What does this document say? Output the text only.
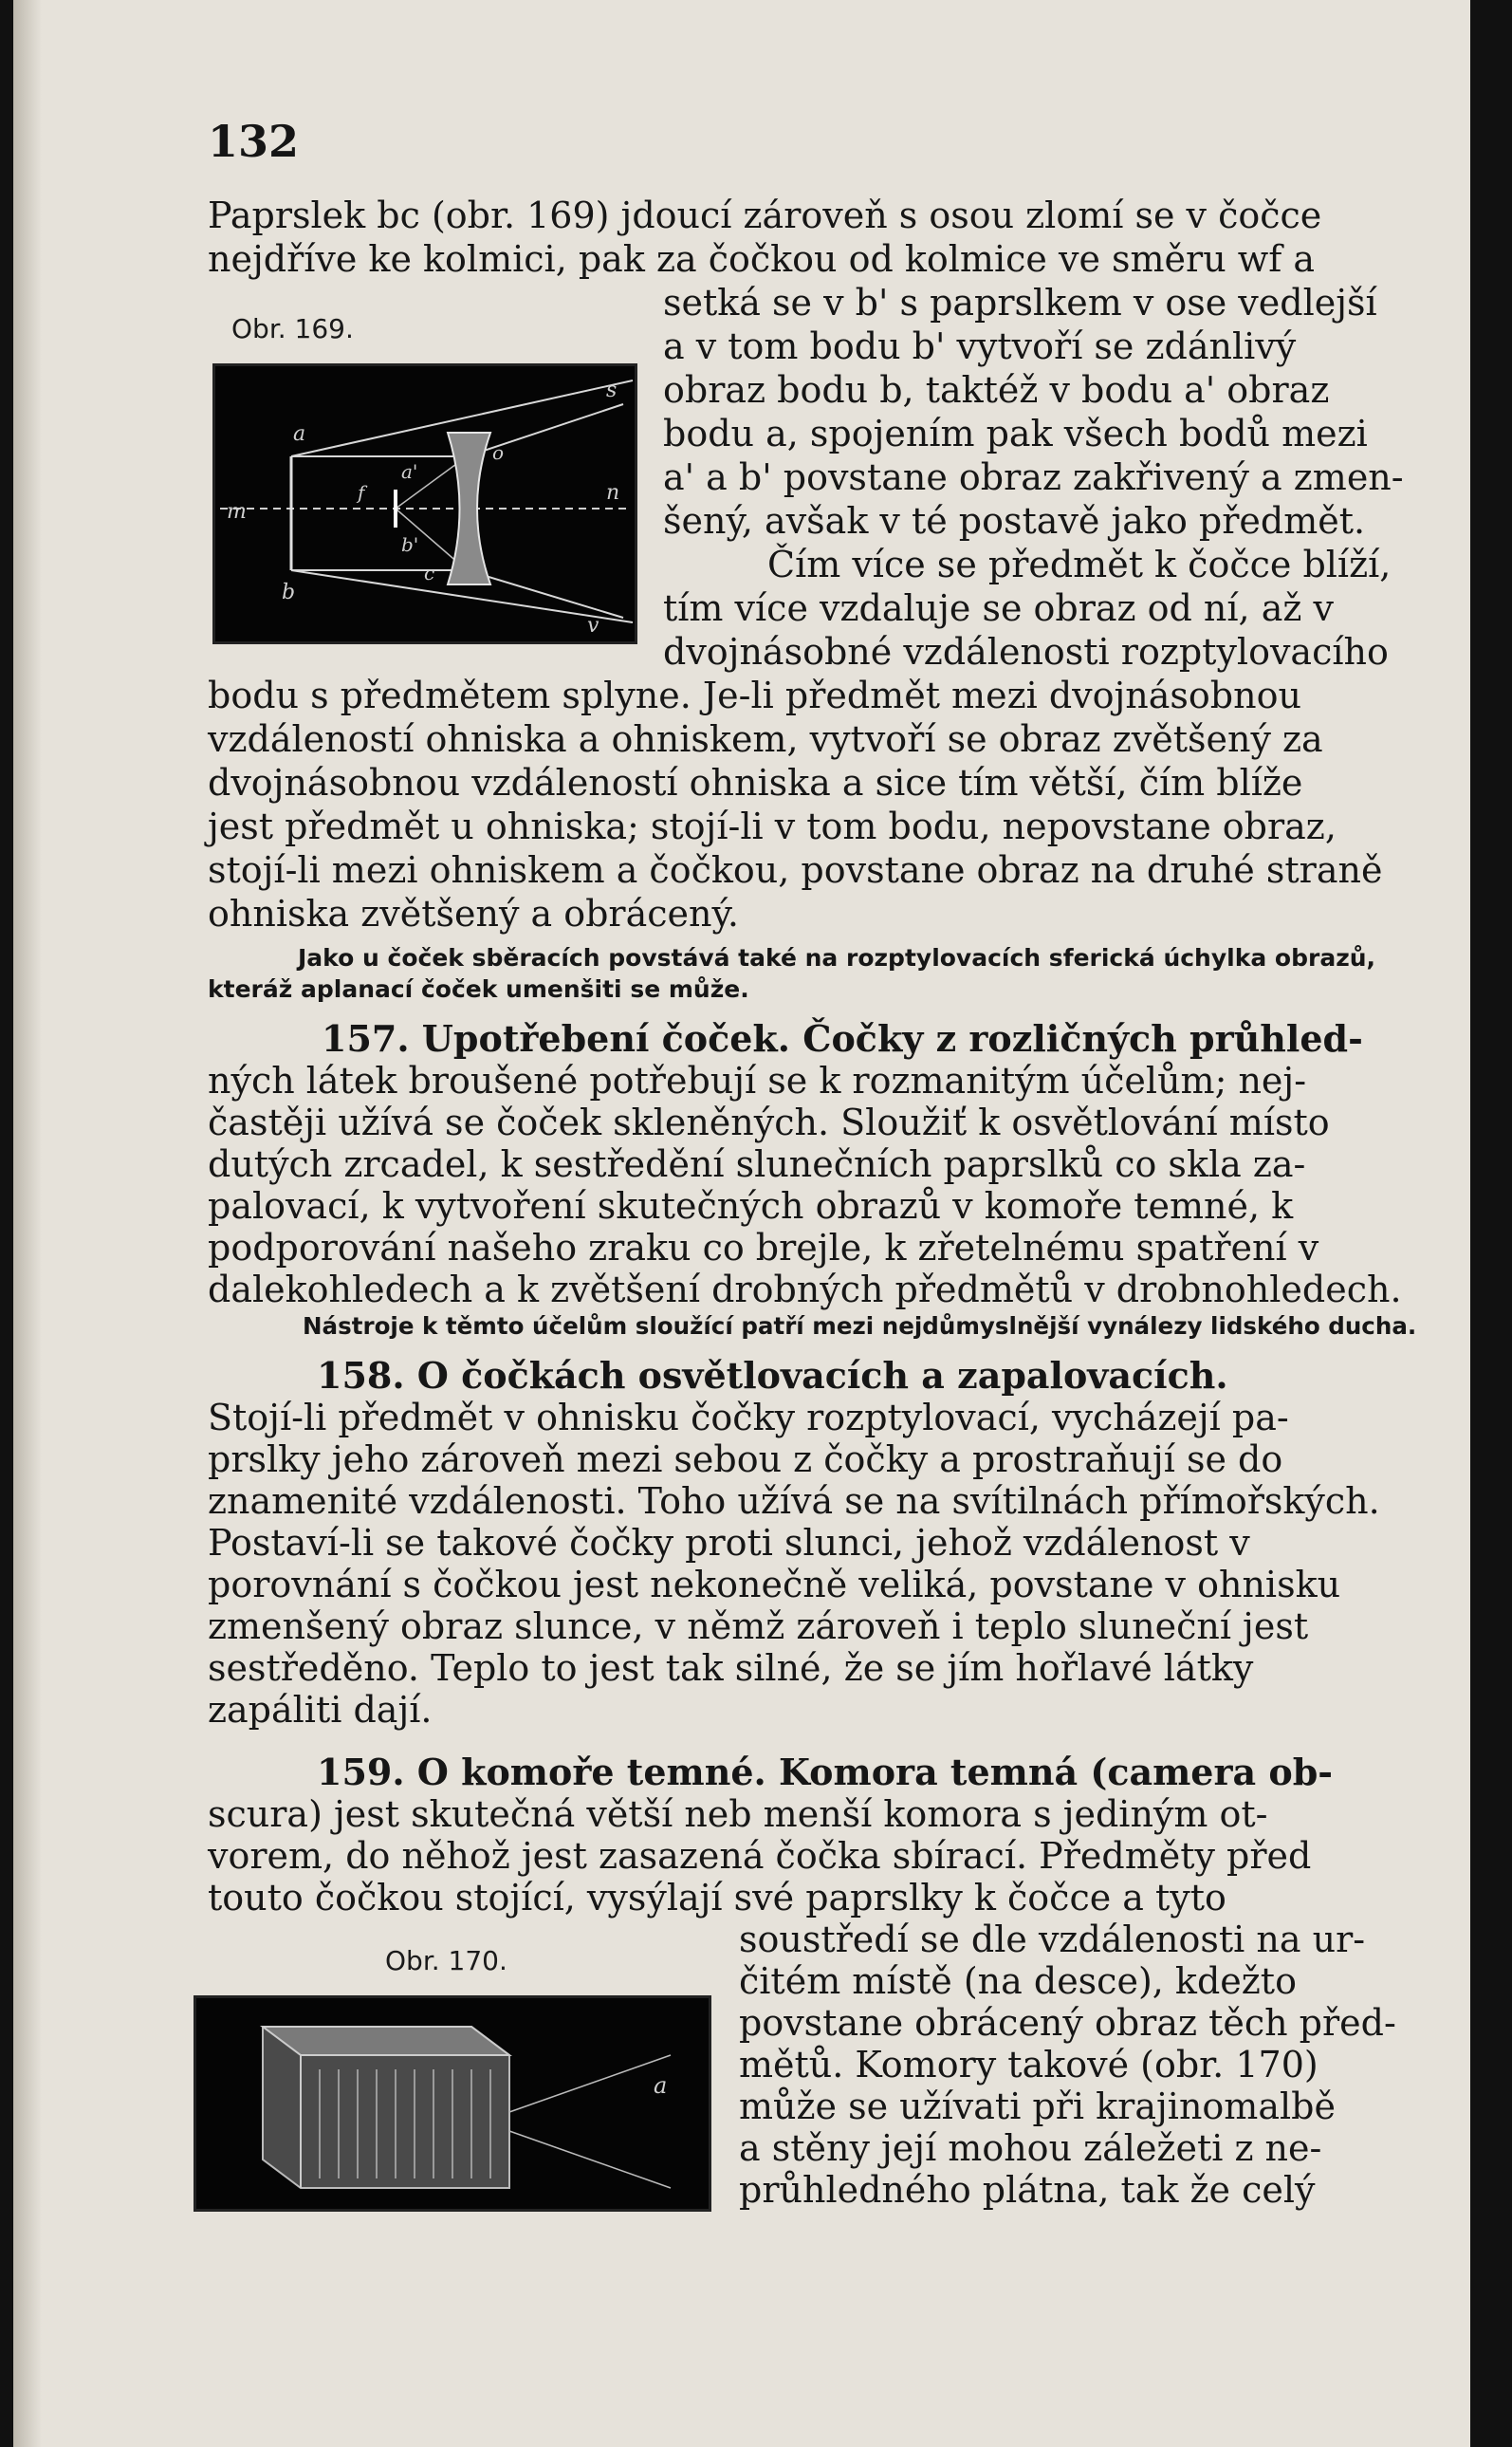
132
Obr. 169.
a
a'
b
b'
f
c
o
m
n
s
v
Obr. 170.
a
Paprslek bc (obr. 169) jdoucí zároveň s osou zlomí se v čočce
nejdříve ke kolmici, pak za čočkou od kolmice ve směru wf a
setká se v b' s paprslkem v ose vedlejší
a v tom bodu b' vytvoří se zdánlivý
obraz bodu b, taktéž v bodu a' obraz
bodu a, spojením pak všech bodů mezi
a' a b' povstane obraz zakřivený a zmen-
šený, avšak v té postavě jako předmět.
Čím více se předmět k čočce blíží,
tím více vzdaluje se obraz od ní, až v
dvojnásobné vzdálenosti rozptylovacího
bodu s předmětem splyne. Je-li předmět mezi dvojnásobnou
vzdáleností ohniska a ohniskem, vytvoří se obraz zvětšený za
dvojnásobnou vzdáleností ohniska a sice tím větší, čím blíže
jest předmět u ohniska; stojí-li v tom bodu, nepovstane obraz,
stojí-li mezi ohniskem a čočkou, povstane obraz na druhé straně
ohniska zvětšený a obrácený.
Jako u čoček sběracích povstává také na rozptylovacích sferická úchylka obrazů,
kteráž aplanací čoček umenšiti se může.
157. Upotřebení čoček. Čočky z rozličných průhled-
ných látek broušené potřebují se k rozmanitým účelům; nej-
častěji užívá se čoček skleněných. Sloužiť k osvětlování místo
dutých zrcadel, k sestředění slunečních paprslků co skla za-
palovací, k vytvoření skutečných obrazů v komoře temné, k
podporování našeho zraku co brejle, k zřetelnému spatření v
dalekohledech a k zvětšení drobných předmětů v drobnohledech.
Nástroje k těmto účelům sloužící patří mezi nejdůmyslnější vynálezy lidského ducha.
158. O čočkách osvětlovacích a zapalovacích.
Stojí-li předmět v ohnisku čočky rozptylovací, vycházejí pa-
prslky jeho zároveň mezi sebou z čočky a prostraňují se do
znamenité vzdálenosti. Toho užívá se na svítilnách přímořských.
Postaví-li se takové čočky proti slunci, jehož vzdálenost v
porovnání s čočkou jest nekonečně veliká, povstane v ohnisku
zmenšený obraz slunce, v němž zároveň i teplo sluneční jest
sestředěno. Teplo to jest tak silné, že se jím hořlavé látky
zapáliti dají.
159. O komoře temné. Komora temná (camera ob-
scura) jest skutečná větší neb menší komora s jediným ot-
vorem, do něhož jest zasazená čočka sbírací. Předměty před
touto čočkou stojící, vysýlají své paprslky k čočce a tyto
soustředí se dle vzdálenosti na ur-
čitém místě (na desce), kdežto
povstane obrácený obraz těch před-
mětů. Komory takové (obr. 170)
může se užívati při krajinomalbě
a stěny její mohou záležeti z ne-
průhledného plátna, tak že celý
